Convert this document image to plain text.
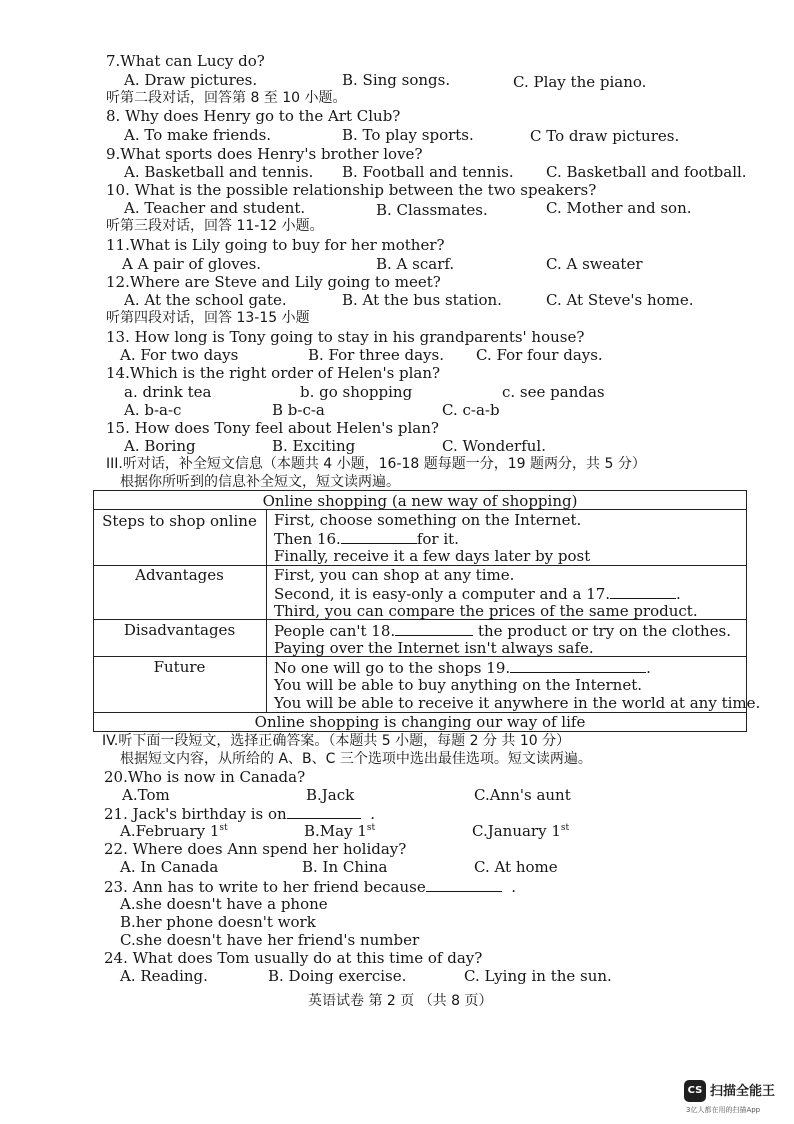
7.What can Lucy do?
A. Draw pictures.	B. Sing songs.	C. Play the piano.
听第二段对话，回答第 8 至 10 小题。
8. Why does Henry go to the Art Club?
A. To make friends.	B. To play sports.	C To draw pictures.
9.What sports does Henry's brother love?
A. Basketball and tennis. B. Football and tennis. C. Basketball and football.
10. What is the possible relationship between the two speakers?
A. Teacher and student.	B. Classmates.	C. Mother and son.
听第三段对话，回答 11-12 小题。
11.What is Lily going to buy for her mother?
A A pair of gloves.	B. A scarf.	C. A sweater
12.Where are Steve and Lily going to meet?
A. At the school gate.	B. At the bus station.	C. At Steve's home.
听第四段对话，回答 13-15 小题
13. How long is Tony going to stay in his grandparents' house?
A. For two days	B. For three days. C. For four days.
14.Which is the right order of Helen's plan?
a. drink tea	b. go shopping	c. see pandas
A. b-a-c	B b-c-a	C. c-a-b
15. How does Tony feel about Helen's plan?
A. Boring	B. Exciting	C. Wonderful.
III.听对话，补全短文信息（本题共 4 小题，16-18 题每题一分，19 题两分，共 5 分）
根据你所听到的信息补全短文，短文读两遍。
Online shopping (a new way of shopping)
Steps to shop online	First, choose something on the Internet.
Then 16.	for it.
Finally, receive it a few days later by post
Advantages	First, you can shop at any time.
Second, it is easy-only a computer and a 17.	.
Third, you can compare the prices of the same product.
Disadvantages	People can't 18.	the product or try on the clothes.
Paying over the Internet isn't always safe.
Future	No one will go to the shops 19.	.
You will be able to buy anything on the Internet.
You will be able to receive it anywhere in the world at any time.
Online shopping is changing our way of life
IV.听下面一段短文，选择正确答案。（本题共 5 小题，每题 2 分 共 10 分）
根据短文内容，从所给的 A、B、C 三个选项中选出最佳选项。短文读两遍。
20.Who is now in Canada?
A.Tom	B.Jack	C.Ann's aunt
21. Jack's birthday is on	.
A.February 1st	B.May 1st	C.January 1st
22. Where does Ann spend her holiday?
A. In Canada	B. In China	C. At home
23. Ann has to write to her friend because	.
A.she doesn't have a phone
B.her phone doesn't work
C.she doesn't have her friend's number
24. What does Tom usually do at this time of day?
A. Reading.	B. Doing exercise.	C. Lying in the sun.
英语试卷 第 2 页 （共 8 页）
CS 扫描全能王
3亿人都在用的扫描App
